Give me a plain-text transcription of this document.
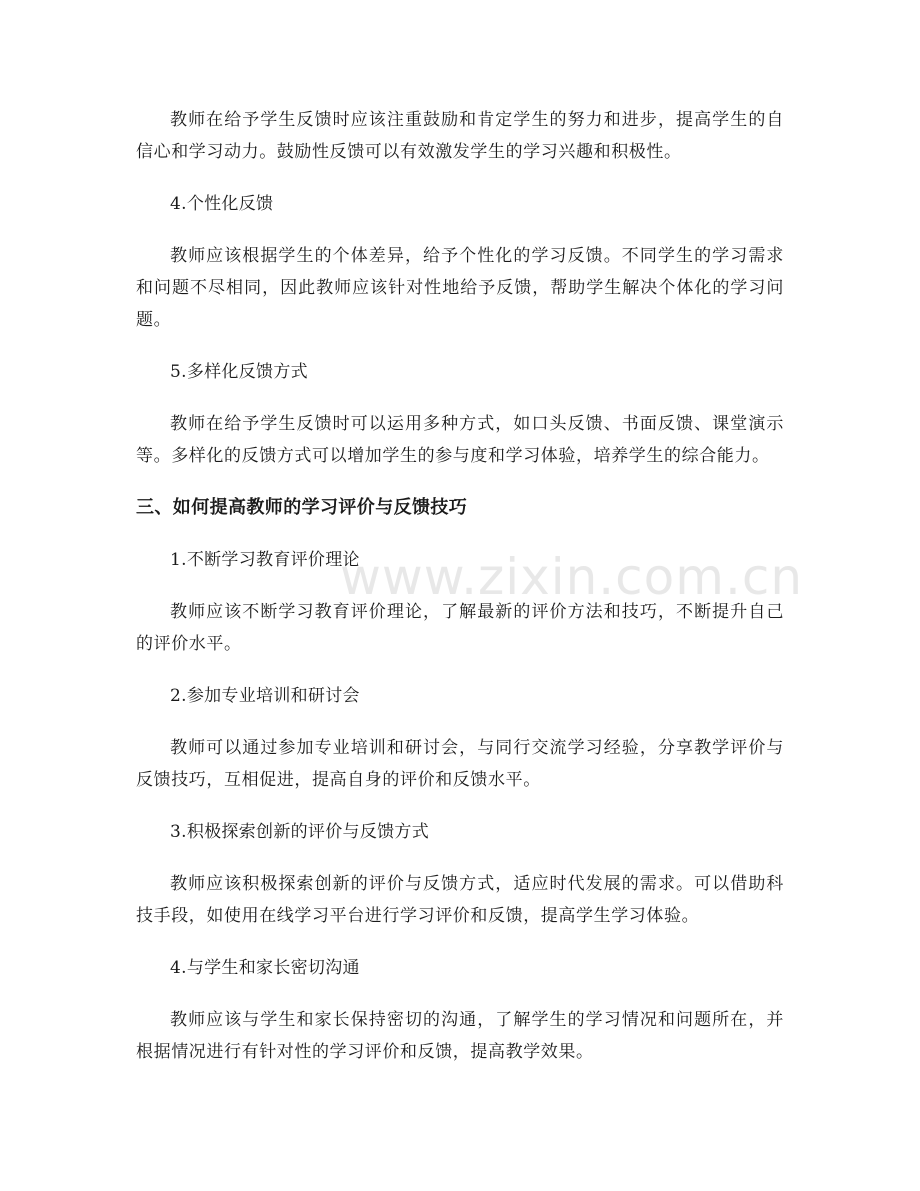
教师在给予学生反馈时应该注重鼓励和肯定学生的努力和进步，提高学生的自信心和学习动力。鼓励性反馈可以有效激发学生的学习兴趣和积极性。

4.个性化反馈

教师应该根据学生的个体差异，给予个性化的学习反馈。不同学生的学习需求和问题不尽相同，因此教师应该针对性地给予反馈，帮助学生解决个体化的学习问题。

5.多样化反馈方式

教师在给予学生反馈时可以运用多种方式，如口头反馈、书面反馈、课堂演示等。多样化的反馈方式可以增加学生的参与度和学习体验，培养学生的综合能力。

三、如何提高教师的学习评价与反馈技巧

1.不断学习教育评价理论

教师应该不断学习教育评价理论，了解最新的评价方法和技巧，不断提升自己的评价水平。

2.参加专业培训和研讨会

教师可以通过参加专业培训和研讨会，与同行交流学习经验，分享教学评价与反馈技巧，互相促进，提高自身的评价和反馈水平。

3.积极探索创新的评价与反馈方式

教师应该积极探索创新的评价与反馈方式，适应时代发展的需求。可以借助科技手段，如使用在线学习平台进行学习评价和反馈，提高学生学习体验。

4.与学生和家长密切沟通

教师应该与学生和家长保持密切的沟通，了解学生的学习情况和问题所在，并根据情况进行有针对性的学习评价和反馈，提高教学效果。

www.zixin.com.cn
